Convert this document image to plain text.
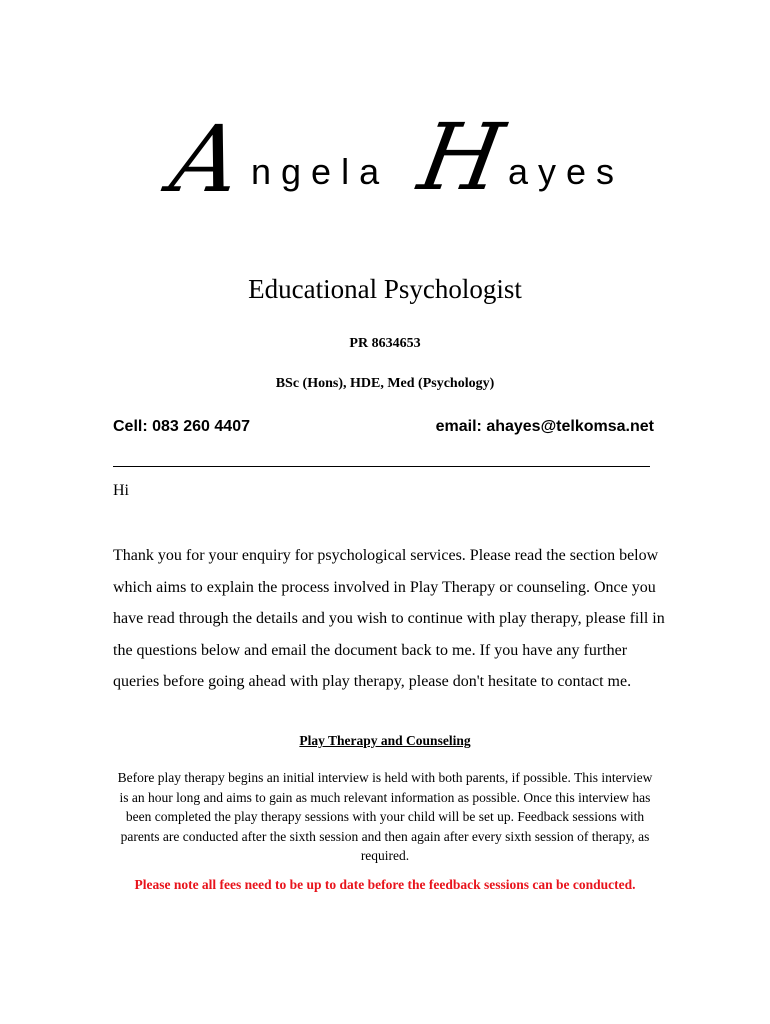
A ngela H ayes
Educational Psychologist
PR 8634653
BSc (Hons), HDE, Med (Psychology)
Cell: 083 260 4407	email: ahayes@telkomsa.net
Hi

Thank you for your enquiry for psychological services. Please read the section below which aims to explain the process involved in Play Therapy or counseling. Once you have read through the details and you wish to continue with play therapy, please fill in the questions below and email the document back to me. If you have any further queries before going ahead with play therapy, please don't hesitate to contact me.

Play Therapy and Counseling
Before play therapy begins an initial interview is held with both parents, if possible. This interview is an hour long and aims to gain as much relevant information as possible. Once this interview has been completed the play therapy sessions with your child will be set up. Feedback sessions with parents are conducted after the sixth session and then again after every sixth session of therapy, as required.
Please note all fees need to be up to date before the feedback sessions can be conducted.
